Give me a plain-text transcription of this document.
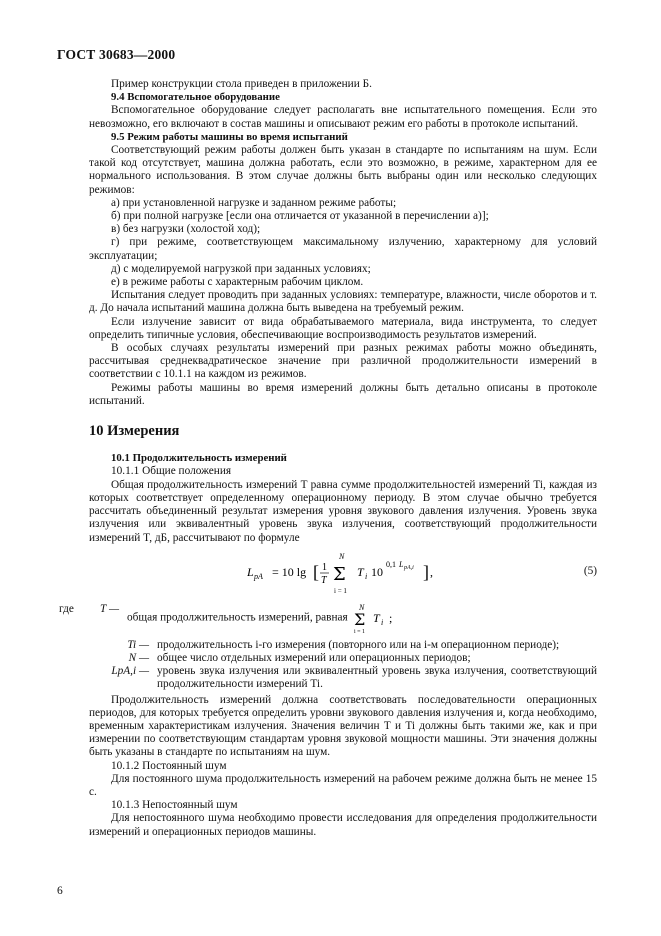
ГОСТ 30683—2000

Пример конструкции стола приведен в приложении Б.

9.4 Вспомогательное оборудование

Вспомогательное оборудование следует располагать вне испытательного помещения. Если это невозможно, его включают в состав машины и описывают режим его работы в протоколе испытаний.

9.5 Режим работы машины во время испытаний

Соответствующий режим работы должен быть указан в стандарте по испытаниям на шум. Если такой код отсутствует, машина должна работать, если это возможно, в режиме, характерном для ее нормального использования. В этом случае должны быть выбраны один или несколько следующих режимов:

а) при установленной нагрузке и заданном режиме работы;

б) при полной нагрузке [если она отличается от указанной в перечислении а)];

в) без нагрузки (холостой ход);

г) при режиме, соответствующем максимальному излучению, характерному для условий эксплуатации;

д) с моделируемой нагрузкой при заданных условиях;

е) в режиме работы с характерным рабочим циклом.

Испытания следует проводить при заданных условиях: температуре, влажности, числе оборотов и т. д. До начала испытаний машина должна быть выведена на требуемый режим.

Если излучение зависит от вида обрабатываемого материала, вида инструмента, то следует определить типичные условия, обеспечивающие воспроизводимость результатов измерений.

В особых случаях результаты измерений при разных режимах работы можно объединять, рассчитывая среднеквадратическое значение при различной продолжительности измерений в соответствии с 10.1.1 на каждом из режимов.

Режимы работы машины во время измерений должны быть детально описаны в протоколе испытаний.

10 Измерения

10.1 Продолжительность измерений

10.1.1 Общие положения

Общая продолжительность измерений T равна сумме продолжительностей измерений Ti, каждая из которых соответствует определенному операционному периоду. В этом случае обычно требуется рассчитать объединенный результат измерения уровня звукового давления излучения. Уровень звука излучения или эквивалентный уровень звука излучения, соответствующий продолжительности измерений T, дБ, рассчитывают по формуле

L pA = 10 lg [ 1
T
N
Σ
i = 1
T i 10
0,1 L pA,i ] ,	(5)
где	T —
общая продолжительность измерений, равная
N
Σ
i = 1
T i ;
Ti — продолжительность i-го измерения (повторного или на i-м операционном периоде);
N — общее число отдельных измерений или операционных периодов;
LpA,i — уровень звука излучения или эквивалентный уровень звука излучения, соответствующий продолжительности измерений Ti.

Продолжительность измерений должна соответствовать последовательности операционных периодов, для которых требуется определить уровни звукового давления излучения и, когда необходимо, временным характеристикам излучения. Значения величин T и Ti должны быть такими же, как и при измерении по соответствующим стандартам уровня звуковой мощности машины. Эти значения должны быть указаны в стандарте по испытаниям на шум.

10.1.2 Постоянный шум

Для постоянного шума продолжительность измерений на рабочем режиме должна быть не менее 15 с.

10.1.3 Непостоянный шум

Для непостоянного шума необходимо провести исследования для определения продолжительности измерений и операционных периодов машины.

6
